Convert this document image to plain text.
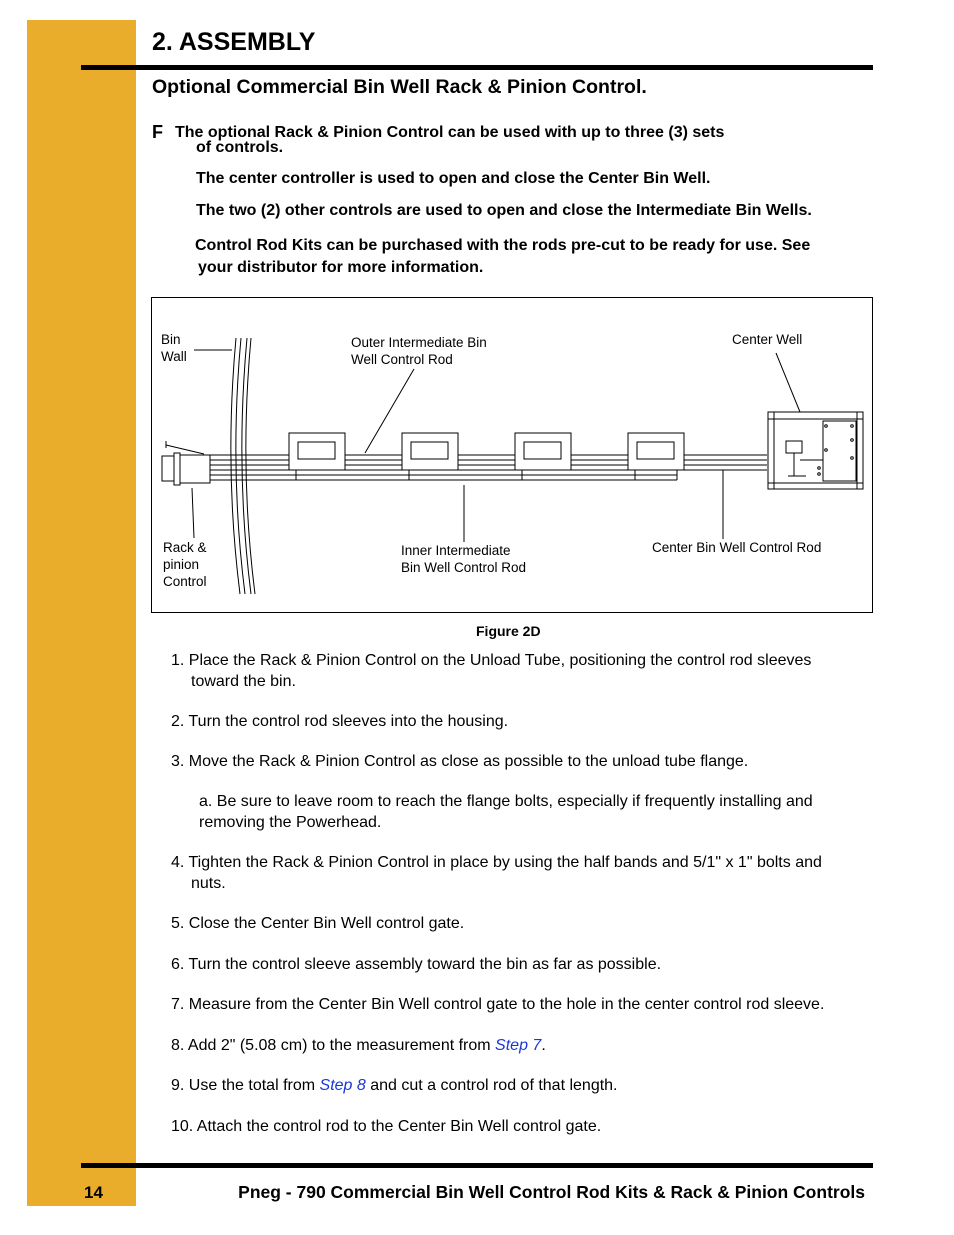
2. ASSEMBLY
Optional Commercial Bin Well Rack & Pinion Control.
F The optional Rack & Pinion Control can be used with up to three (3) sets
of controls.
The center controller is used to open and close the Center Bin Well.
The two (2) other controls are used to open and close the Intermediate Bin Wells.
Control Rod Kits can be purchased with the rods pre-cut to be ready for use. See
your distributor for more information.
Bin
Wall
Outer Intermediate Bin
Well Control Rod
Center Well
Rack &
pinion
Control
Inner Intermediate
Bin Well Control Rod
Center Bin Well Control Rod
Figure 2D
1. Place the Rack & Pinion Control on the Unload Tube, positioning the control rod sleeves
toward the bin.
2. Turn the control rod sleeves into the housing.
3. Move the Rack & Pinion Control as close as possible to the unload tube flange.
a. Be sure to leave room to reach the flange bolts, especially if frequently installing and
removing the Powerhead.
4. Tighten the Rack & Pinion Control in place by using the half bands and 5/1" x 1" bolts and
nuts.
5. Close the Center Bin Well control gate.
6. Turn the control sleeve assembly toward the bin as far as possible.
7. Measure from the Center Bin Well control gate to the hole in the center control rod sleeve.
8. Add 2" (5.08 cm) to the measurement from Step 7.
9. Use the total from Step 8 and cut a control rod of that length.
10. Attach the control rod to the Center Bin Well control gate.
14	Pneg - 790 Commercial Bin Well Control Rod Kits & Rack & Pinion Controls
